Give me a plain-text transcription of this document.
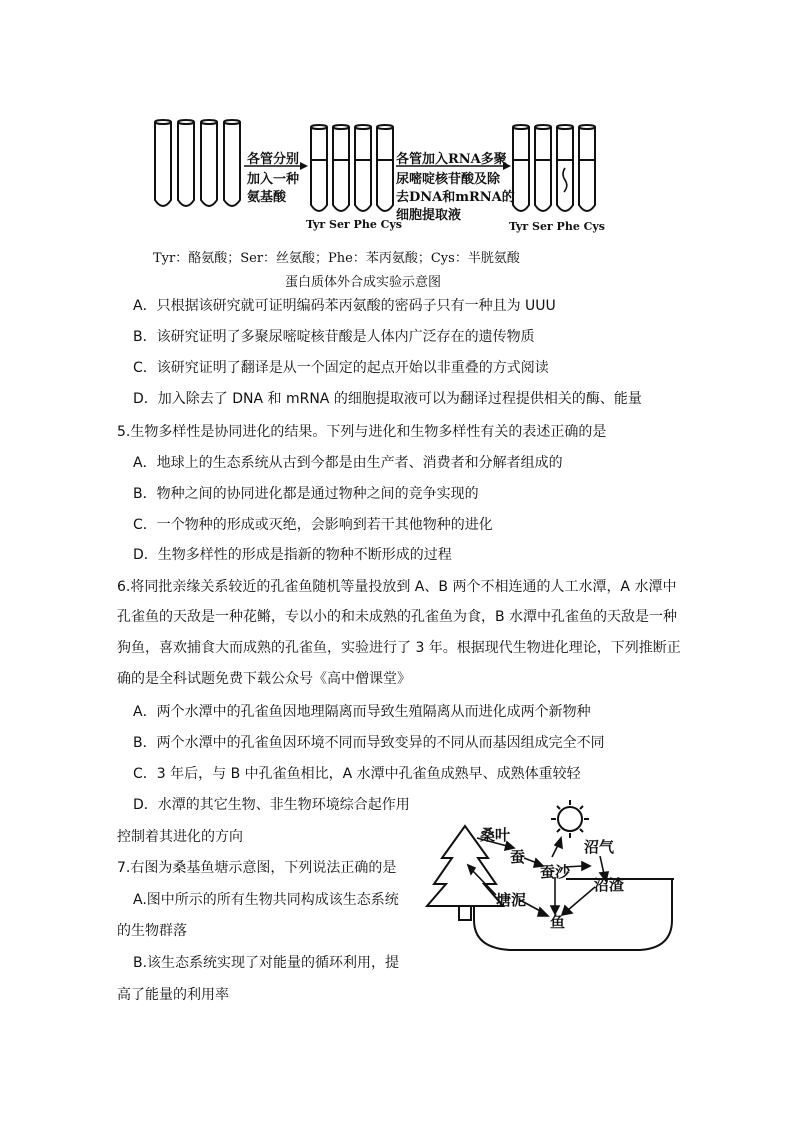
各管分别
加入一种
氨基酸
各管加入RNA多聚
尿嘧啶核苷酸及除
去DNA和mRNA的
细胞提取液
Tyr Ser Phe Cys	Tyr Ser Phe Cys
Tyr：酪氨酸；Ser：丝氨酸；Phe：苯丙氨酸；Cys：半胱氨酸
蛋白质体外合成实验示意图
A．只根据该研究就可证明编码苯丙氨酸的密码子只有一种且为 UUU
B．该研究证明了多聚尿嘧啶核苷酸是人体内广泛存在的遗传物质
C．该研究证明了翻译是从一个固定的起点开始以非重叠的方式阅读
D．加入除去了 DNA 和 mRNA 的细胞提取液可以为翻译过程提供相关的酶、能量
5.生物多样性是协同进化的结果。下列与进化和生物多样性有关的表述正确的是
A．地球上的生态系统从古到今都是由生产者、消费者和分解者组成的
B．物种之间的协同进化都是通过物种之间的竞争实现的
C．一个物种的形成或灭绝，会影响到若干其他物种的进化
D．生物多样性的形成是指新的物种不断形成的过程
6.将同批亲缘关系较近的孔雀鱼随机等量投放到 A、B 两个不相连通的人工水潭，A 水潭中
孔雀鱼的天敌是一种花鳉，专以小的和未成熟的孔雀鱼为食，B 水潭中孔雀鱼的天敌是一种
狗鱼，喜欢捕食大而成熟的孔雀鱼，实验进行了 3 年。根据现代生物进化理论，下列推断正
确的是全科试题免费下载公众号《高中僧课堂》
A．两个水潭中的孔雀鱼因地理隔离而导致生殖隔离从而进化成两个新物种
B．两个水潭中的孔雀鱼因环境不同而导致变异的不同从而基因组成完全不同
C．3 年后，与 B 中孔雀鱼相比，A 水潭中孔雀鱼成熟早、成熟体重较轻
D．水潭的其它生物、非生物环境综合起作用
控制着其进化的方向
7.右图为桑基鱼塘示意图，下列说法正确的是
A.图中所示的所有生物共同构成该生态系统
的生物群落
B.该生态系统实现了对能量的循环利用，提
高了能量的利用率
桑叶
蚕
蚕沙
沼气
沼渣
塘泥
鱼
